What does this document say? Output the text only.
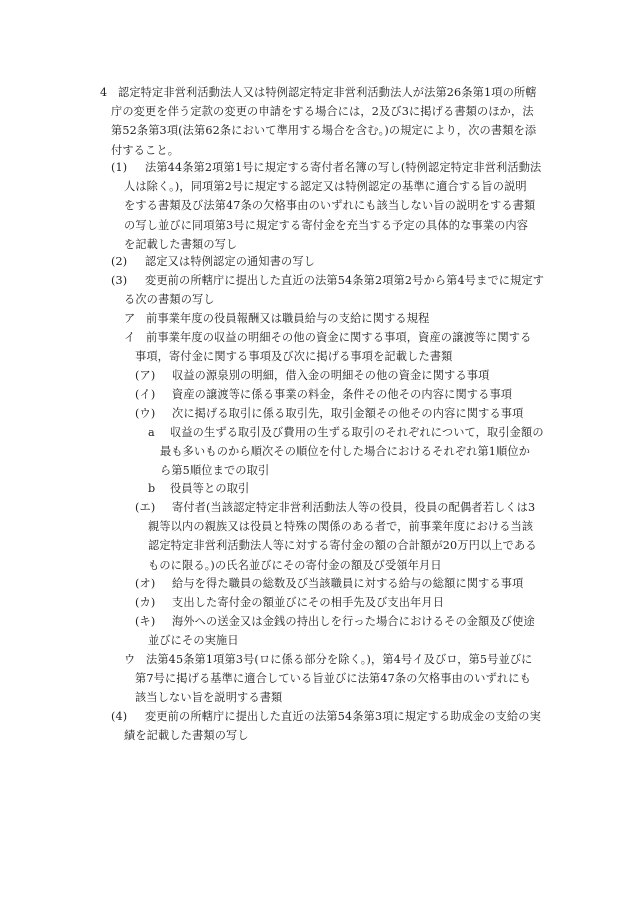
4 認定特定非営利活動法人又は特例認定特定非営利活動法人が法第26条第1項の所轄
庁の変更を伴う定款の変更の申請をする場合には，2及び3に掲げる書類のほか，法
第52条第3項(法第62条において準用する場合を含む。)の規定により，次の書類を添
付すること。
(1) 法第44条第2項第1号に規定する寄付者名簿の写し(特例認定特定非営利活動法
人は除く。)，同項第2号に規定する認定又は特例認定の基準に適合する旨の説明
をする書類及び法第47条の欠格事由のいずれにも該当しない旨の説明をする書類
の写し並びに同項第3号に規定する寄付金を充当する予定の具体的な事業の内容
を記載した書類の写し
(2) 認定又は特例認定の通知書の写し
(3) 変更前の所轄庁に提出した直近の法第54条第2項第2号から第4号までに規定す
る次の書類の写し
ア 前事業年度の役員報酬又は職員給与の支給に関する規程
イ 前事業年度の収益の明細その他の資金に関する事項，資産の譲渡等に関する
事項，寄付金に関する事項及び次に掲げる事項を記載した書類
(ア) 収益の源泉別の明細，借入金の明細その他の資金に関する事項
(イ) 資産の譲渡等に係る事業の料金，条件その他その内容に関する事項
(ウ) 次に掲げる取引に係る取引先，取引金額その他その内容に関する事項
a 収益の生ずる取引及び費用の生ずる取引のそれぞれについて，取引金額の
最も多いものから順次その順位を付した場合におけるそれぞれ第1順位か
ら第5順位までの取引
b 役員等との取引
(エ) 寄付者(当該認定特定非営利活動法人等の役員，役員の配偶者若しくは3
親等以内の親族又は役員と特殊の関係のある者で，前事業年度における当該
認定特定非営利活動法人等に対する寄付金の額の合計額が20万円以上である
ものに限る。)の氏名並びにその寄付金の額及び受領年月日
(オ) 給与を得た職員の総数及び当該職員に対する給与の総額に関する事項
(カ) 支出した寄付金の額並びにその相手先及び支出年月日
(キ) 海外への送金又は金銭の持出しを行った場合におけるその金額及び使途
並びにその実施日
ウ 法第45条第1項第3号(ロに係る部分を除く。)，第4号イ及びロ，第5号並びに
第7号に掲げる基準に適合している旨並びに法第47条の欠格事由のいずれにも
該当しない旨を説明する書類
(4) 変更前の所轄庁に提出した直近の法第54条第3項に規定する助成金の支給の実
績を記載した書類の写し
